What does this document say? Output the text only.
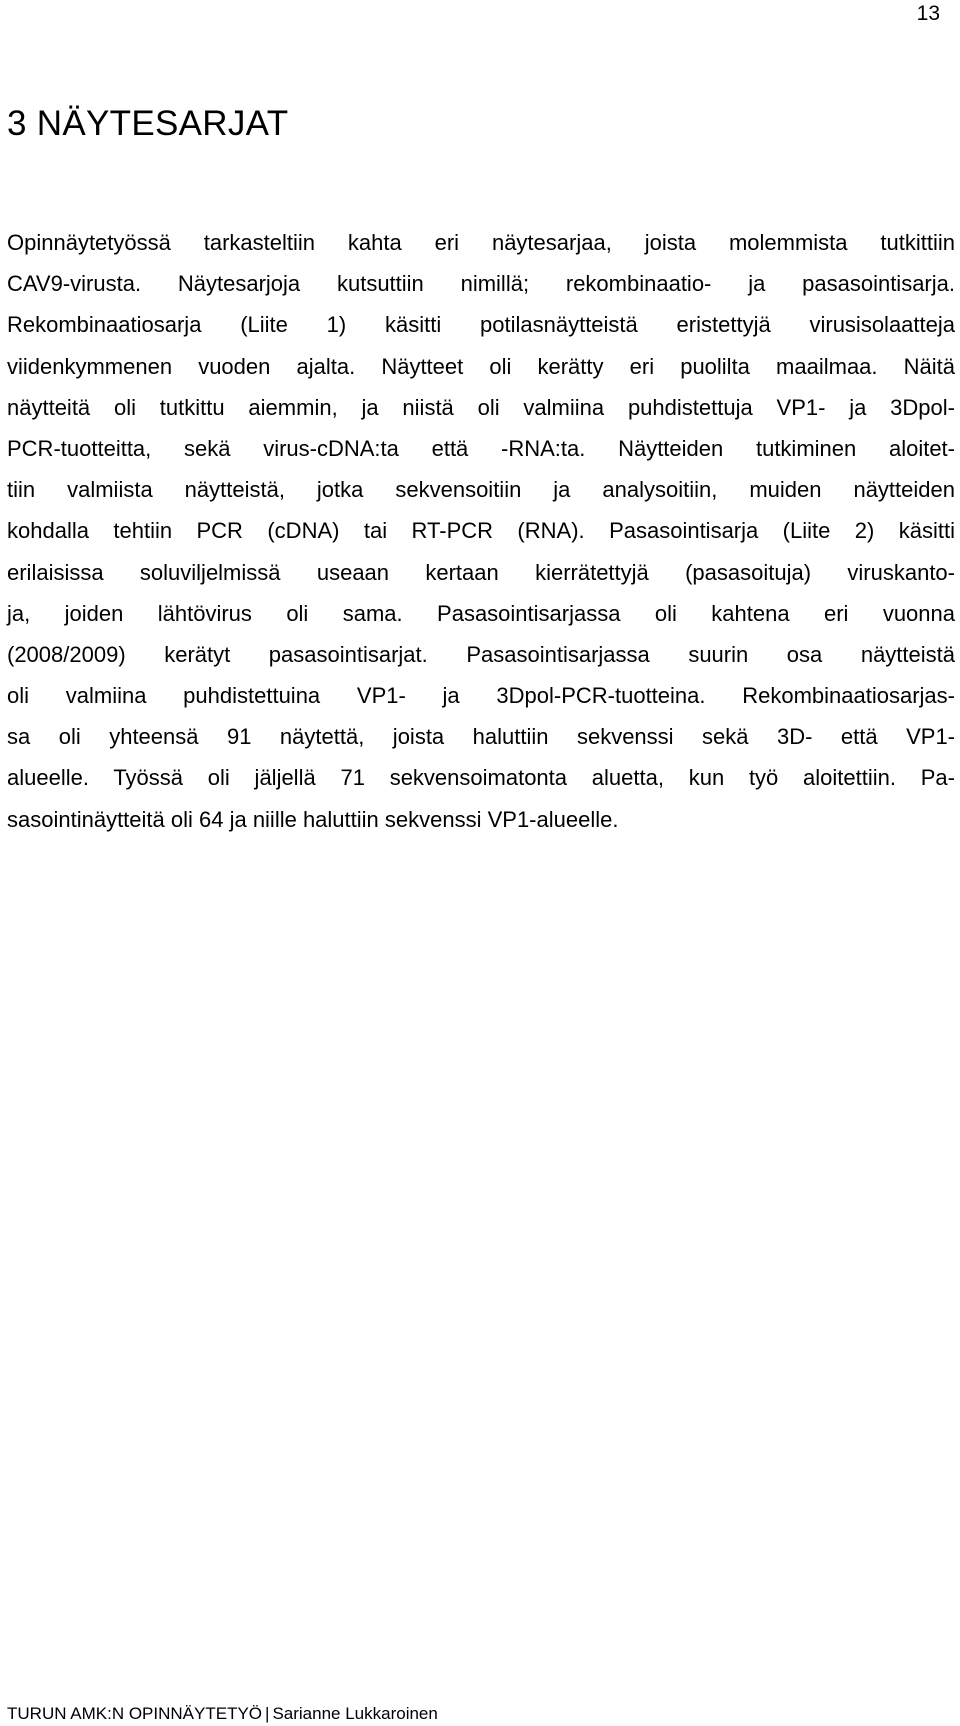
13
3 NÄYTESARJAT
Opinnäytetyössä tarkasteltiin kahta eri näytesarjaa, joista molemmista tutkittiin
CAV9-virusta. Näytesarjoja kutsuttiin nimillä; rekombinaatio- ja pasasointisarja.
Rekombinaatiosarja (Liite 1) käsitti potilasnäytteistä eristettyjä virusisolaatteja
viidenkymmenen vuoden ajalta. Näytteet oli kerätty eri puolilta maailmaa. Näitä
näytteitä oli tutkittu aiemmin, ja niistä oli valmiina puhdistettuja VP1- ja 3Dpol-
PCR-tuotteitta, sekä virus-cDNA:ta että -RNA:ta. Näytteiden tutkiminen aloitet-
tiin valmiista näytteistä, jotka sekvensoitiin ja analysoitiin, muiden näytteiden
kohdalla tehtiin PCR (cDNA) tai RT-PCR (RNA). Pasasointisarja (Liite 2) käsitti
erilaisissa soluviljelmissä useaan kertaan kierrätettyjä (pasasoituja) viruskanto-
ja, joiden lähtövirus oli sama. Pasasointisarjassa oli kahtena eri vuonna
(2008/2009) kerätyt pasasointisarjat. Pasasointisarjassa suurin osa näytteistä
oli valmiina puhdistettuina VP1- ja 3Dpol-PCR-tuotteina. Rekombinaatiosarjas-
sa oli yhteensä 91 näytettä, joista haluttiin sekvenssi sekä 3D- että VP1-
alueelle. Työssä oli jäljellä 71 sekvensoimatonta aluetta, kun työ aloitettiin. Pa-
sasointinäytteitä oli 64 ja niille haluttiin sekvenssi VP1-alueelle.
TURUN AMK:N OPINNÄYTETYÖ | Sarianne Lukkaroinen
